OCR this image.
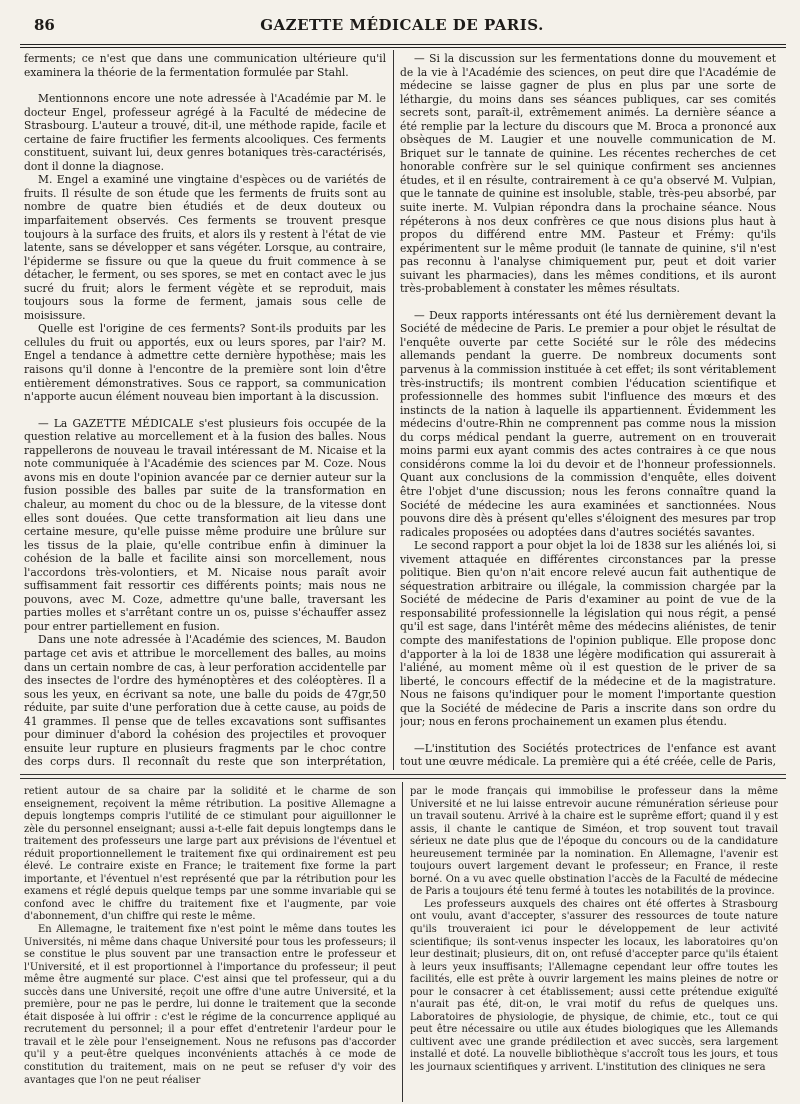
86	GAZETTE MÉDICALE DE PARIS.

ferments; ce n'est que dans une communication ultérieure qu'il examinera la théorie de la fermentation formulée par Stahl.

Mentionnons encore une note adressée à l'Académie par M. le docteur Engel, professeur agrégé à la Faculté de médecine de Strasbourg. L'auteur a trouvé, dit-il, une méthode rapide, facile et certaine de faire fructifier les ferments alcooliques. Ces ferments constituent, suivant lui, deux genres botaniques très-caractérisés, dont il donne la diagnose.

M. Engel a examiné une vingtaine d'espèces ou de variétés de fruits. Il résulte de son étude que les ferments de fruits sont au nombre de quatre bien étudiés et de deux douteux ou imparfaitement observés. Ces ferments se trouvent presque toujours à la surface des fruits, et alors ils y restent à l'état de vie latente, sans se développer et sans végéter. Lorsque, au contraire, l'épiderme se fissure ou que la queue du fruit commence à se détacher, le ferment, ou ses spores, se met en contact avec le jus sucré du fruit; alors le ferment végète et se reproduit, mais toujours sous la forme de ferment, jamais sous celle de moisissure.

Quelle est l'origine de ces ferments? Sont-ils produits par les cellules du fruit ou apportés, eux ou leurs spores, par l'air? M. Engel a tendance à admettre cette dernière hypothèse; mais les raisons qu'il donne à l'encontre de la première sont loin d'être entièrement démonstratives. Sous ce rapport, sa communication n'apporte aucun élément nouveau bien important à la discussion.

— La GAZETTE MÉDICALE s'est plusieurs fois occupée de la question relative au morcellement et à la fusion des balles. Nous rappellerons de nouveau le travail intéressant de M. Nicaise et la note communiquée à l'Académie des sciences par M. Coze. Nous avons mis en doute l'opinion avancée par ce dernier auteur sur la fusion possible des balles par suite de la transformation en chaleur, au moment du choc ou de la blessure, de la vitesse dont elles sont douées. Que cette transformation ait lieu dans une certaine mesure, qu'elle puisse même produire une brûlure sur les tissus de la plaie, qu'elle contribue enfin à diminuer la cohésion de la balle et facilite ainsi son morcellement, nous l'accordons très-volontiers, et M. Nicaise nous paraît avoir suffisamment fait ressortir ces différents points; mais nous ne pouvons, avec M. Coze, admettre qu'une balle, traversant les parties molles et s'arrêtant contre un os, puisse s'échauffer assez pour entrer partiellement en fusion.

Dans une note adressée à l'Académie des sciences, M. Baudon partage cet avis et attribue le morcellement des balles, au moins dans un certain nombre de cas, à leur perforation accidentelle par des insectes de l'ordre des hyménoptères et des coléoptères. Il a sous les yeux, en écrivant sa note, une balle du poids de 47gr,50 réduite, par suite d'une perforation due à cette cause, au poids de 41 grammes. Il pense que de telles excavations sont suffisantes pour diminuer d'abord la cohésion des projectiles et provoquer ensuite leur rupture en plusieurs fragments par le choc contre des corps durs. Il reconnaît du reste que son interprétation,

— Si la discussion sur les fermentations donne du mouvement et de la vie à l'Académie des sciences, on peut dire que l'Académie de médecine se laisse gagner de plus en plus par une sorte de léthargie, du moins dans ses séances publiques, car ses comités secrets sont, paraît-il, extrêmement animés. La dernière séance a été remplie par la lecture du discours que M. Broca a prononcé aux obsèques de M. Laugier et une nouvelle communication de M. Briquet sur le tannate de quinine. Les récentes recherches de cet honorable confrère sur le sel quinique confirment ses anciennes études, et il en résulte, contrairement à ce qu'a observé M. Vulpian, que le tannate de quinine est insoluble, stable, très-peu absorbé, par suite inerte. M. Vulpian répondra dans la prochaine séance. Nous répéterons à nos deux confrères ce que nous disions plus haut à propos du différend entre MM. Pasteur et Frémy: qu'ils expérimentent sur le même produit (le tannate de quinine, s'il n'est pas reconnu à l'analyse chimiquement pur, peut et doit varier suivant les pharmacies), dans les mêmes conditions, et ils auront très-probablement à constater les mêmes résultats.

— Deux rapports intéressants ont été lus dernièrement devant la Société de médecine de Paris. Le premier a pour objet le résultat de l'enquête ouverte par cette Société sur le rôle des médecins allemands pendant la guerre. De nombreux documents sont parvenus à la commission instituée à cet effet; ils sont véritablement très-instructifs; ils montrent combien l'éducation scientifique et professionnelle des hommes subit l'influence des mœurs et des instincts de la nation à laquelle ils appartiennent. Évidemment les médecins d'outre-Rhin ne comprennent pas comme nous la mission du corps médical pendant la guerre, autrement on en trouverait moins parmi eux ayant commis des actes contraires à ce que nous considérons comme la loi du devoir et de l'honneur professionnels. Quant aux conclusions de la commission d'enquête, elles doivent être l'objet d'une discussion; nous les ferons connaître quand la Société de médecine les aura examinées et sanctionnées. Nous pouvons dire dès à présent qu'elles s'éloignent des mesures par trop radicales proposées ou adoptées dans d'autres sociétés savantes.

Le second rapport a pour objet la loi de 1838 sur les aliénés loi, si vivement attaquée en différentes circonstances par la presse politique. Bien qu'on n'ait encore relevé aucun fait authentique de séquestration arbitraire ou illégale, la commission chargée par la Société de médecine de Paris d'examiner au point de vue de la responsabilité professionnelle la législation qui nous régit, a pensé qu'il est sage, dans l'intérêt même des médecins aliénistes, de tenir compte des manifestations de l'opinion publique. Elle propose donc d'apporter à la loi de 1838 une légère modification qui assurerait à l'aliéné, au moment même où il est question de le priver de sa liberté, le concours effectif de la médecine et de la magistrature. Nous ne faisons qu'indiquer pour le moment l'importante question que la Société de médecine de Paris a inscrite dans son ordre du jour; nous en ferons prochainement un examen plus étendu.

—L'institution des Sociétés protectrices de l'enfance est avant tout une œuvre médicale. La première qui a été créée, celle de Paris,

retient autour de sa chaire par la solidité et le charme de son enseignement, reçoivent la même rétribution. La positive Allemagne a depuis longtemps compris l'utilité de ce stimulant pour aiguillonner le zèle du personnel enseignant; aussi a-t-elle fait depuis longtemps dans le traitement des professeurs une large part aux prévisions de l'éventuel et réduit proportionnellement le traitement fixe qui ordinairement est peu élevé. Le contraire existe en France; le traitement fixe forme la part importante, et l'éventuel n'est représenté que par la rétribution pour les examens et réglé depuis quelque temps par une somme invariable qui se confond avec le chiffre du traitement fixe et l'augmente, par voie d'abonnement, d'un chiffre qui reste le même.

En Allemagne, le traitement fixe n'est point le même dans toutes les Universités, ni même dans chaque Université pour tous les professeurs; il se constitue le plus souvent par une transaction entre le professeur et l'Université, et il est proportionnel à l'importance du professeur; il peut même être augmenté sur place. C'est ainsi que tel professeur, qui a du succès dans une Université, reçoit une offre d'une autre Université, et la première, pour ne pas le perdre, lui donne le traitement que la seconde était disposée à lui offrir : c'est le régime de la concurrence appliqué au recrutement du personnel; il a pour effet d'entretenir l'ardeur pour le travail et le zèle pour l'enseignement. Nous ne refusons pas d'accorder qu'il y a peut-être quelques inconvénients attachés à ce mode de constitution du traitement, mais on ne peut se refuser d'y voir des avantages que l'on ne peut réaliser

par le mode français qui immobilise le professeur dans la même Université et ne lui laisse entrevoir aucune rémunération sérieuse pour un travail soutenu. Arrivé à la chaire est le suprême effort; quand il y est assis, il chante le cantique de Siméon, et trop souvent tout travail sérieux ne date plus que de l'époque du concours ou de la candidature heureusement terminée par la nomination. En Allemagne, l'avenir est toujours ouvert largement devant le professeur; en France, il reste borné. On a vu avec quelle obstination l'accès de la Faculté de médecine de Paris a toujours été tenu fermé à toutes les notabilités de la province.

Les professeurs auxquels des chaires ont été offertes à Strasbourg ont voulu, avant d'accepter, s'assurer des ressources de toute nature qu'ils trouveraient ici pour le développement de leur activité scientifique; ils sont-venus inspecter les locaux, les laboratoires qu'on leur destinait; plusieurs, dit on, ont refusé d'accepter parce qu'ils étaient à leurs yeux insuffisants; l'Allemagne cependant leur offre toutes les facilités, elle est prête à ouvrir largement les mains pleines de notre or pour le consacrer à cet établissement; aussi cette prétendue exiguïté n'aurait pas été, dit-on, le vrai motif du refus de quelques uns. Laboratoires de physiologie, de physique, de chimie, etc., tout ce qui peut être nécessaire ou utile aux études biologiques que les Allemands cultivent avec une grande prédilection et avec succès, sera largement installé et doté. La nouvelle bibliothèque s'accroît tous les jours, et tous les journaux scientifiques y arrivent. L'institution des cliniques ne sera
